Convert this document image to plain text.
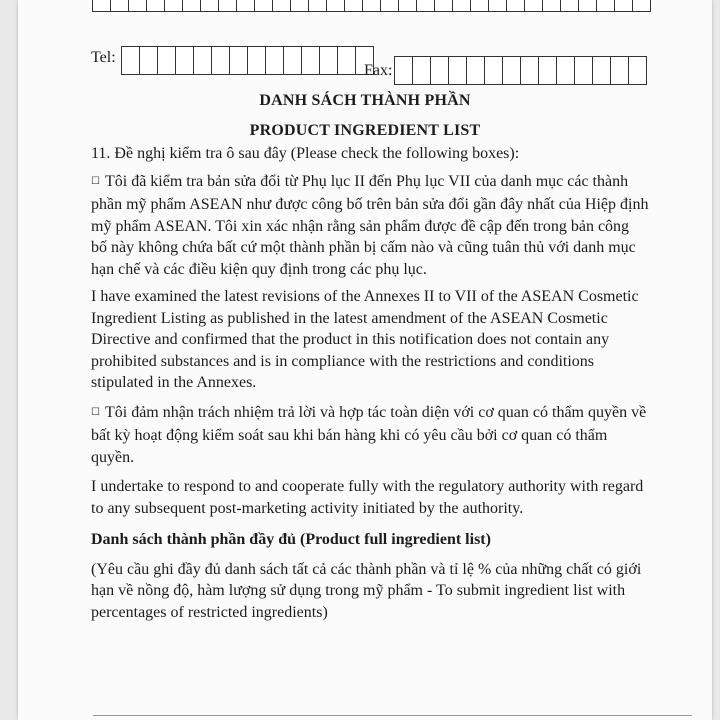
Tel:
Fax:
DANH SÁCH THÀNH PHẦN
PRODUCT INGREDIENT LIST

11. Đề nghị kiểm tra ô sau đây (Please check the following boxes):

☐ Tôi đã kiểm tra bản sửa đổi từ Phụ lục II đến Phụ lục VII của danh mục các thành phần mỹ phẩm ASEAN như được công bố trên bản sửa đổi gần đây nhất của Hiệp định mỹ phẩm ASEAN. Tôi xin xác nhận rằng sản phẩm được đề cập đến trong bản công bố này không chứa bất cứ một thành phần bị cấm nào và cũng tuân thủ với danh mục hạn chế và các điều kiện quy định trong các phụ lục.

I have examined the latest revisions of the Annexes II to VII of the ASEAN Cosmetic Ingredient Listing as published in the latest amendment of the ASEAN Cosmetic Directive and confirmed that the product in this notification does not contain any prohibited substances and is in compliance with the restrictions and conditions stipulated in the Annexes.

☐ Tôi đảm nhận trách nhiệm trả lời và hợp tác toàn diện với cơ quan có thẩm quyền về bất kỳ hoạt động kiểm soát sau khi bán hàng khi có yêu cầu bởi cơ quan có thẩm quyền.

I undertake to respond to and cooperate fully with the regulatory authority with regard to any subsequent post-marketing activity initiated by the authority.

Danh sách thành phần đầy đủ (Product full ingredient list)

(Yêu cầu ghi đầy đủ danh sách tất cả các thành phần và tỉ lệ % của những chất có giới hạn về nồng độ, hàm lượng sử dụng trong mỹ phẩm - To submit ingredient list with percentages of restricted ingredients)
